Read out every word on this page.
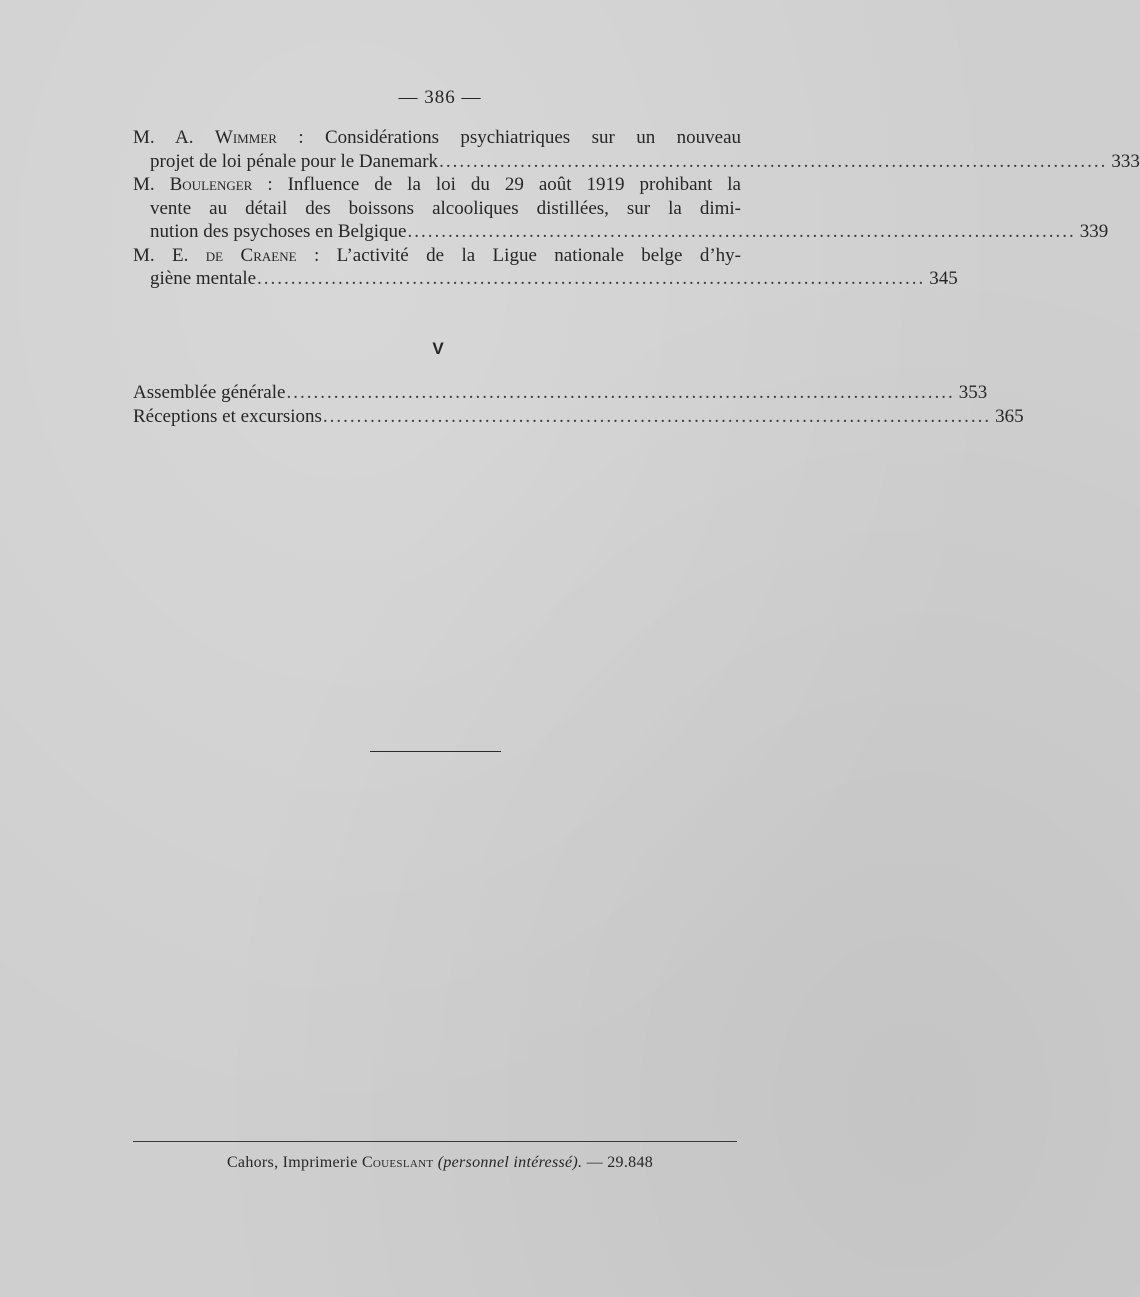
— 386 —
M. A. Wimmer : Considérations psychiatriques sur un nouveau
projet de loi pénale pour le Danemark ................................................................................................... 333
M. Boulenger : Influence de la loi du 29 août 1919 prohibant la
vente au détail des boissons alcooliques distillées, sur la dimi-
nution des psychoses en Belgique ................................................................................................... 339
M. E. de Craene : L’activité de la Ligue nationale belge d’hy-
giène mentale ................................................................................................... 345
V
Assemblée générale ................................................................................................... 353
Réceptions et excursions ................................................................................................... 365
Cahors, Imprimerie Coueslant (personnel intéressé). — 29.848
